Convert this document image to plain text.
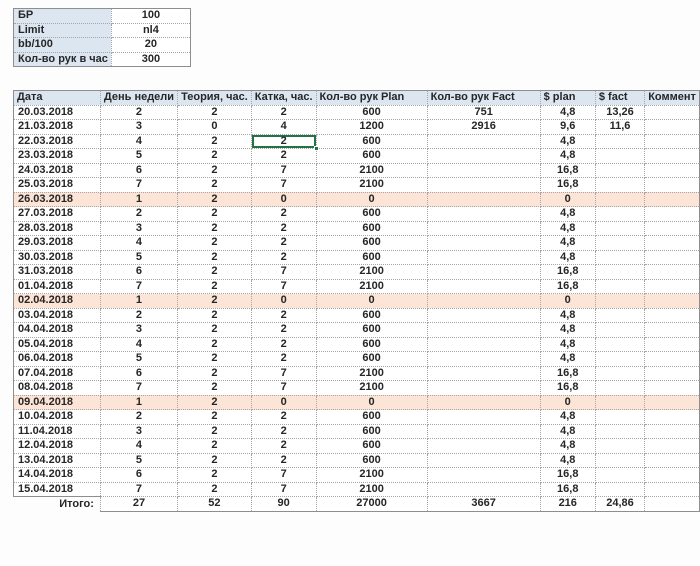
БР	100
Limit	nl4
bb/100	20
Кол-во рук в час	300
Дата	День недели	Теория, час.	Катка, час.	Кол-во рук Plan	Кол-во рук Fact	$ plan	$ fact	Коммент
20.03.2018	2	2	2	600	751	4,8	13,26	
21.03.2018	3	0	4	1200	2916	9,6	11,6	
22.03.2018	4	2	2	600		4,8		
23.03.2018	5	2	2	600		4,8		
24.03.2018	6	2	7	2100		16,8		
25.03.2018	7	2	7	2100		16,8		
26.03.2018	1	2	0	0		0		
27.03.2018	2	2	2	600		4,8		
28.03.2018	3	2	2	600		4,8		
29.03.2018	4	2	2	600		4,8		
30.03.2018	5	2	2	600		4,8		
31.03.2018	6	2	7	2100		16,8		
01.04.2018	7	2	7	2100		16,8		
02.04.2018	1	2	0	0		0		
03.04.2018	2	2	2	600		4,8		
04.04.2018	3	2	2	600		4,8		
05.04.2018	4	2	2	600		4,8		
06.04.2018	5	2	2	600		4,8		
07.04.2018	6	2	7	2100		16,8		
08.04.2018	7	2	7	2100		16,8		
09.04.2018	1	2	0	0		0		
10.04.2018	2	2	2	600		4,8		
11.04.2018	3	2	2	600		4,8		
12.04.2018	4	2	2	600		4,8		
13.04.2018	5	2	2	600		4,8		
14.04.2018	6	2	7	2100		16,8		
15.04.2018	7	2	7	2100		16,8		
Итого:	27	52	90	27000	3667	216	24,86	
